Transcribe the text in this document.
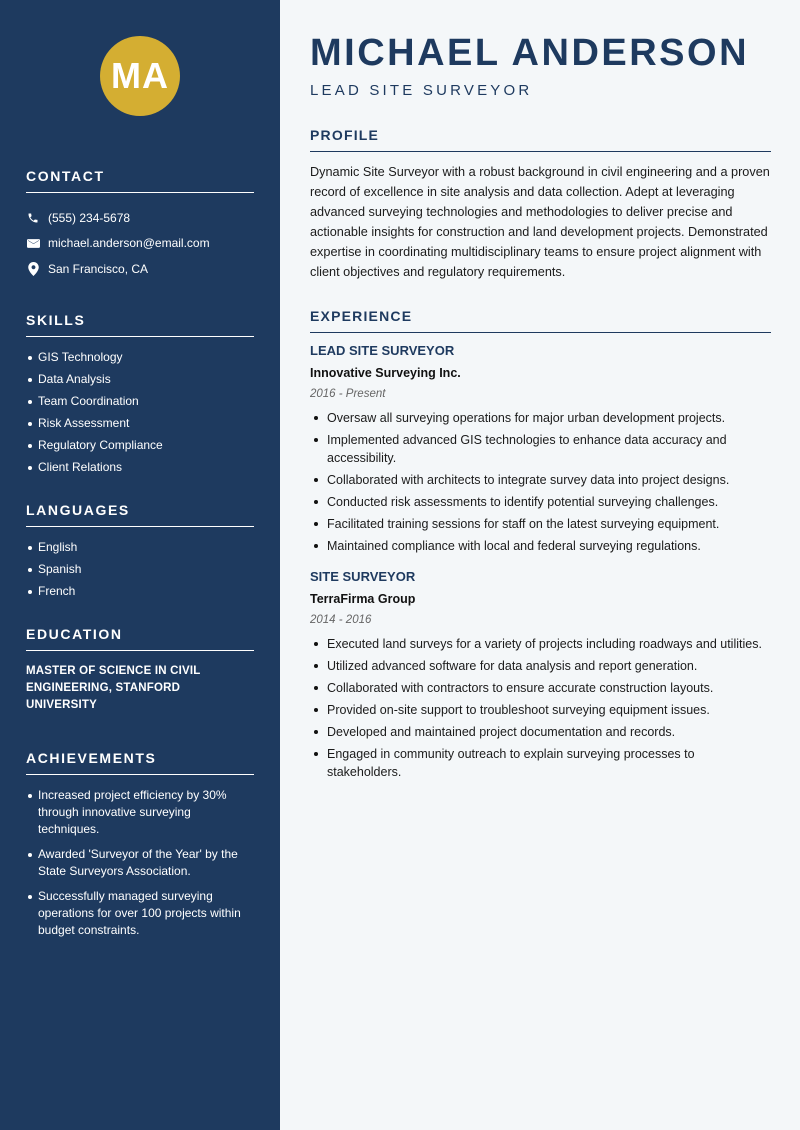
MA
CONTACT
(555) 234-5678
michael.anderson@email.com
San Francisco, CA
SKILLS
GIS Technology
Data Analysis
Team Coordination
Risk Assessment
Regulatory Compliance
Client Relations
LANGUAGES
English
Spanish
French
EDUCATION
MASTER OF SCIENCE IN CIVIL ENGINEERING, STANFORD UNIVERSITY
ACHIEVEMENTS
Increased project efficiency by 30% through innovative surveying techniques.
Awarded 'Surveyor of the Year' by the State Surveyors Association.
Successfully managed surveying operations for over 100 projects within budget constraints.
MICHAEL ANDERSON
LEAD SITE SURVEYOR
PROFILE

Dynamic Site Surveyor with a robust background in civil engineering and a proven record of excellence in site analysis and data collection. Adept at leveraging advanced surveying technologies and methodologies to deliver precise and actionable insights for construction and land development projects. Demonstrated expertise in coordinating multidisciplinary teams to ensure project alignment with client objectives and regulatory requirements.

EXPERIENCE
LEAD SITE SURVEYOR
Innovative Surveying Inc.
2016 - Present
Oversaw all surveying operations for major urban development projects.
Implemented advanced GIS technologies to enhance data accuracy and accessibility.
Collaborated with architects to integrate survey data into project designs.
Conducted risk assessments to identify potential surveying challenges.
Facilitated training sessions for staff on the latest surveying equipment.
Maintained compliance with local and federal surveying regulations.
SITE SURVEYOR
TerraFirma Group
2014 - 2016
Executed land surveys for a variety of projects including roadways and utilities.
Utilized advanced software for data analysis and report generation.
Collaborated with contractors to ensure accurate construction layouts.
Provided on-site support to troubleshoot surveying equipment issues.
Developed and maintained project documentation and records.
Engaged in community outreach to explain surveying processes to stakeholders.
